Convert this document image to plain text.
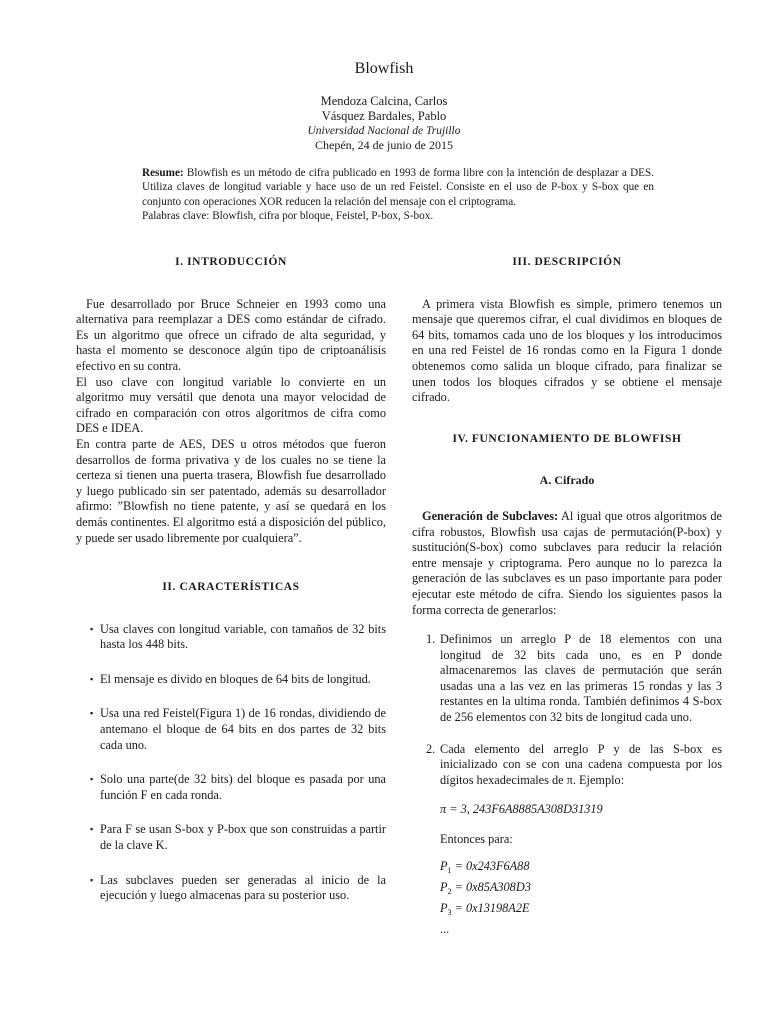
Blowfish
Mendoza Calcina, Carlos
Vásquez Bardales, Pablo
Universidad Nacional de Trujillo
Chepén, 24 de junio de 2015
Resume: Blowfish es un método de cifra publicado en 1993 de forma libre con la intención de desplazar a DES. Utiliza claves de longitud variable y hace uso de un red Feistel. Consiste en el uso de P-box y S-box que en conjunto con operaciones XOR reducen la relación del mensaje con el criptograma.
Palabras clave: Blowfish, cifra por bloque, Feistel, P-box, S-box.
I. INTRODUCCIÓN

Fue desarrollado por Bruce Schneier en 1993 como una alternativa para reemplazar a DES como estándar de cifrado. Es un algoritmo que ofrece un cifrado de alta seguridad, y hasta el momento se desconoce algún tipo de criptoanálisis efectivo en su contra.

El uso clave con longitud variable lo convierte en un algoritmo muy versátil que denota una mayor velocidad de cifrado en comparación con otros algoritmos de cifra como DES e IDEA.

En contra parte de AES, DES u otros métodos que fueron desarrollos de forma privativa y de los cuales no se tiene la certeza si tienen una puerta trasera, Blowfish fue desarrollado y luego publicado sin ser patentado, además su desarrollador afirmo: ”Blowfish no tiene patente, y así se quedará en los demás continentes. El algoritmo está a disposición del público, y puede ser usado libremente por cualquiera”.

II. CARACTERÍSTICAS
▪ Usa claves con longitud variable, con tamaños de 32 bits hasta los 448 bits.
▪ El mensaje es divido en bloques de 64 bits de longitud.
▪ Usa una red Feistel(Figura 1) de 16 rondas, dividiendo de antemano el bloque de 64 bits en dos partes de 32 bits cada uno.
▪ Solo una parte(de 32 bits) del bloque es pasada por una función F en cada ronda.
▪ Para F se usan S-box y P-box que son construidas a partir de la clave K.
▪ Las subclaves pueden ser generadas al inicio de la ejecución y luego almacenas para su posterior uso.
III. DESCRIPCIÓN

A primera vista Blowfish es simple, primero tenemos un mensaje que queremos cifrar, el cual dividimos en bloques de 64 bits, tomamos cada uno de los bloques y los introducimos en una red Feistel de 16 rondas como en la Figura 1 donde obtenemos como salida un bloque cifrado, para finalizar se unen todos los bloques cifrados y se obtiene el mensaje cifrado.

IV. FUNCIONAMIENTO DE BLOWFISH
A. Cifrado

Generación de Subclaves: Al igual que otros algoritmos de cifra robustos, Blowfish usa cajas de permutación(P-box) y sustitución(S-box) como subclaves para reducir la relación entre mensaje y criptograma. Pero aunque no lo parezca la generación de las subclaves es un paso importante para poder ejecutar este método de cifra. Siendo los siguientes pasos la forma correcta de generarlos:

1. Definimos un arreglo P de 18 elementos con una longitud de 32 bits cada uno, es en P donde almacenaremos las claves de permutación que serán usadas una a las vez en las primeras 15 rondas y las 3 restantes en la ultima ronda. También definimos 4 S-box de 256 elementos con 32 bits de longitud cada uno.
2. Cada elemento del arreglo P y de las S-box es inicializado con se con una cadena compuesta por los dígitos hexadecimales de π. Ejemplo:
π = 3, 243F6A8885A308D31319
Entonces para:
$P_1 = 0x243F6A88$
$P_2 = 0x85A308D3$
$P_3 = 0x13198A2E$
...
